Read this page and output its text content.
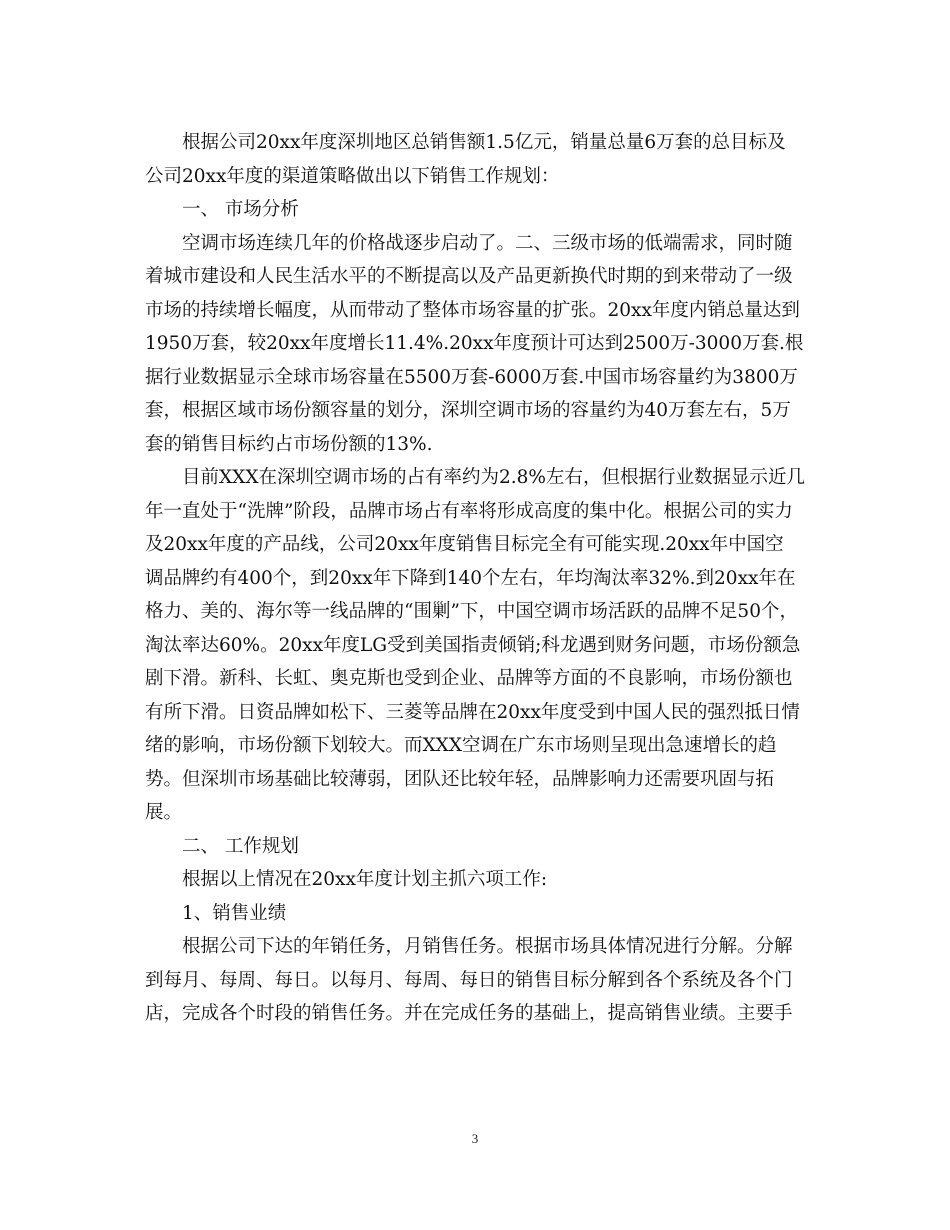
　　根据公司20xx年度深圳地区总销售额1.5亿元，销量总量6万套的总目标及
公司20xx年度的渠道策略做出以下销售工作规划：
　　一、 市场分析
　　空调市场连续几年的价格战逐步启动了。二、三级市场的低端需求，同时随
着城市建设和人民生活水平的不断提高以及产品更新换代时期的到来带动了一级
市场的持续增长幅度，从而带动了整体市场容量的扩张。20xx年度内销总量达到
1950万套，较20xx年度增长11.4%.20xx年度预计可达到2500万-3000万套.根
据行业数据显示全球市场容量在5500万套-6000万套.中国市场容量约为3800万
套，根据区域市场份额容量的划分，深圳空调市场的容量约为40万套左右，5万
套的销售目标约占市场份额的13%.
　　目前XXX在深圳空调市场的占有率约为2.8%左右，但根据行业数据显示近几
年一直处于“洗牌”阶段，品牌市场占有率将形成高度的集中化。根据公司的实力
及20xx年度的产品线，公司20xx年度销售目标完全有可能实现.20xx年中国空
调品牌约有400个，到20xx年下降到140个左右，年均淘汰率32%.到20xx年在
格力、美的、海尔等一线品牌的“围剿”下，中国空调市场活跃的品牌不足50个，
淘汰率达60%。20xx年度LG受到美国指责倾销;科龙遇到财务问题，市场份额急
剧下滑。新科、长虹、奥克斯也受到企业、品牌等方面的不良影响，市场份额也
有所下滑。日资品牌如松下、三菱等品牌在20xx年度受到中国人民的强烈抵日情
绪的影响，市场份额下划较大。而XXX空调在广东市场则呈现出急速增长的趋
势。但深圳市场基础比较薄弱，团队还比较年轻，品牌影响力还需要巩固与拓
展。
　　二、 工作规划
　　根据以上情况在20xx年度计划主抓六项工作:
　　1、销售业绩
　　根据公司下达的年销任务，月销售任务。根据市场具体情况进行分解。分解
到每月、每周、每日。以每月、每周、每日的销售目标分解到各个系统及各个门
店，完成各个时段的销售任务。并在完成任务的基础上，提高销售业绩。主要手
3
